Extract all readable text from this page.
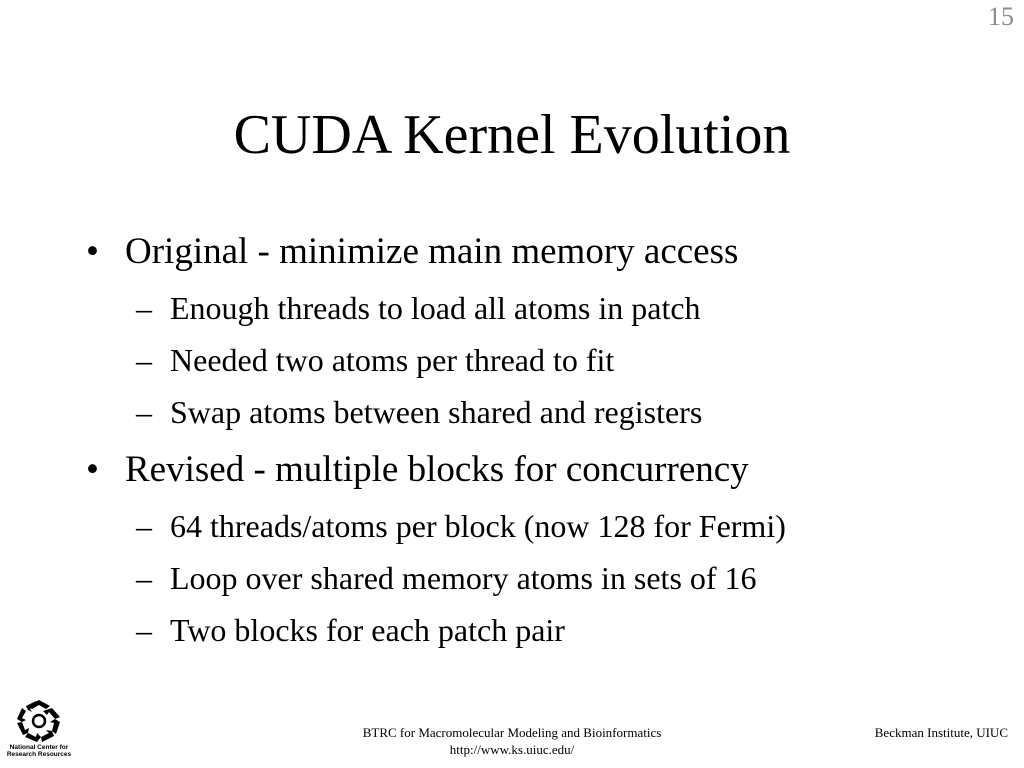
15
CUDA Kernel Evolution
• Original - minimize main memory access
– Enough threads to load all atoms in patch
– Needed two atoms per thread to fit
– Swap atoms between shared and registers
• Revised - multiple blocks for concurrency
– 64 threads/atoms per block (now 128 for Fermi)
– Loop over shared memory atoms in sets of 16
– Two blocks for each patch pair
National Center for
Research Resources
BTRC for Macromolecular Modeling and Bioinformatics
http://www.ks.uiuc.edu/
Beckman Institute, UIUC
